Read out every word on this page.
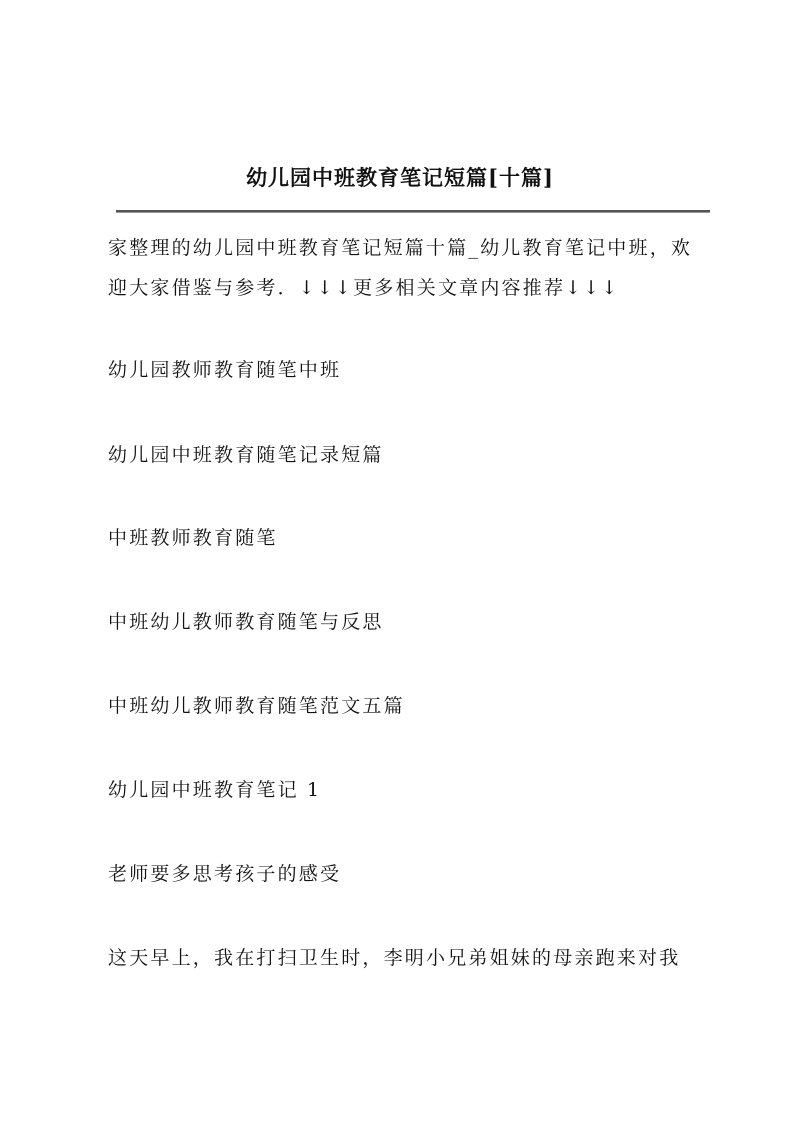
幼儿园中班教育笔记短篇[十篇]
家整理的幼儿园中班教育笔记短篇十篇_幼儿教育笔记中班，欢
迎大家借鉴与参考．↓↓↓更多相关文章内容推荐↓↓↓
幼儿园教师教育随笔中班
幼儿园中班教育随笔记录短篇
中班教师教育随笔
中班幼儿教师教育随笔与反思
中班幼儿教师教育随笔范文五篇
幼儿园中班教育笔记 1
老师要多思考孩子的感受
这天早上，我在打扫卫生时，李明小兄弟姐妹的母亲跑来对我
